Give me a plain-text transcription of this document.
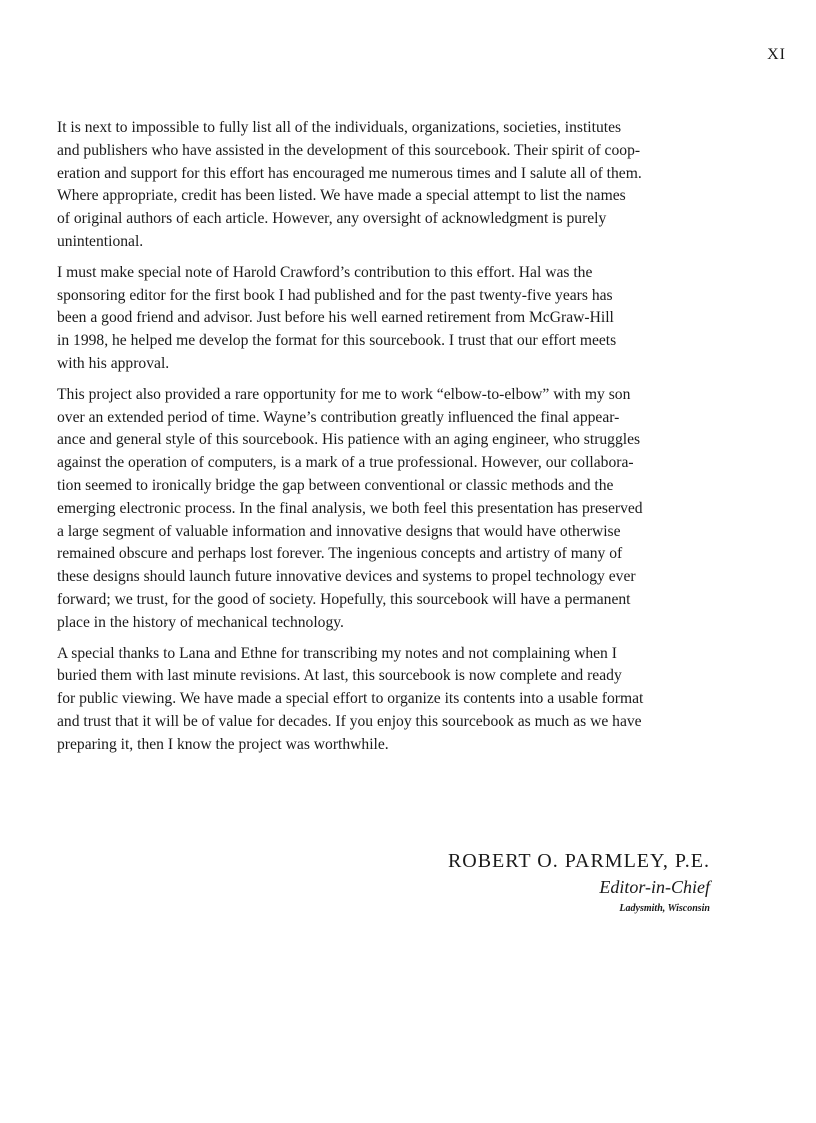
XI
It is next to impossible to fully list all of the individuals, organizations, societies, institutes
and publishers who have assisted in the development of this sourcebook. Their spirit of coop-
eration and support for this effort has encouraged me numerous times and I salute all of them.
Where appropriate, credit has been listed. We have made a special attempt to list the names
of original authors of each article. However, any oversight of acknowledgment is purely
unintentional.
I must make special note of Harold Crawford’s contribution to this effort. Hal was the
sponsoring editor for the first book I had published and for the past twenty-five years has
been a good friend and advisor. Just before his well earned retirement from McGraw-Hill
in 1998, he helped me develop the format for this sourcebook. I trust that our effort meets
with his approval.
This project also provided a rare opportunity for me to work “elbow-to-elbow” with my son
over an extended period of time. Wayne’s contribution greatly influenced the final appear-
ance and general style of this sourcebook. His patience with an aging engineer, who struggles
against the operation of computers, is a mark of a true professional. However, our collabora-
tion seemed to ironically bridge the gap between conventional or classic methods and the
emerging electronic process. In the final analysis, we both feel this presentation has preserved
a large segment of valuable information and innovative designs that would have otherwise
remained obscure and perhaps lost forever. The ingenious concepts and artistry of many of
these designs should launch future innovative devices and systems to propel technology ever
forward; we trust, for the good of society. Hopefully, this sourcebook will have a permanent
place in the history of mechanical technology.
A special thanks to Lana and Ethne for transcribing my notes and not complaining when I
buried them with last minute revisions. At last, this sourcebook is now complete and ready
for public viewing. We have made a special effort to organize its contents into a usable format
and trust that it will be of value for decades. If you enjoy this sourcebook as much as we have
preparing it, then I know the project was worthwhile.
ROBERT O. PARMLEY, P.E.
Editor-in-Chief
Ladysmith, Wisconsin
